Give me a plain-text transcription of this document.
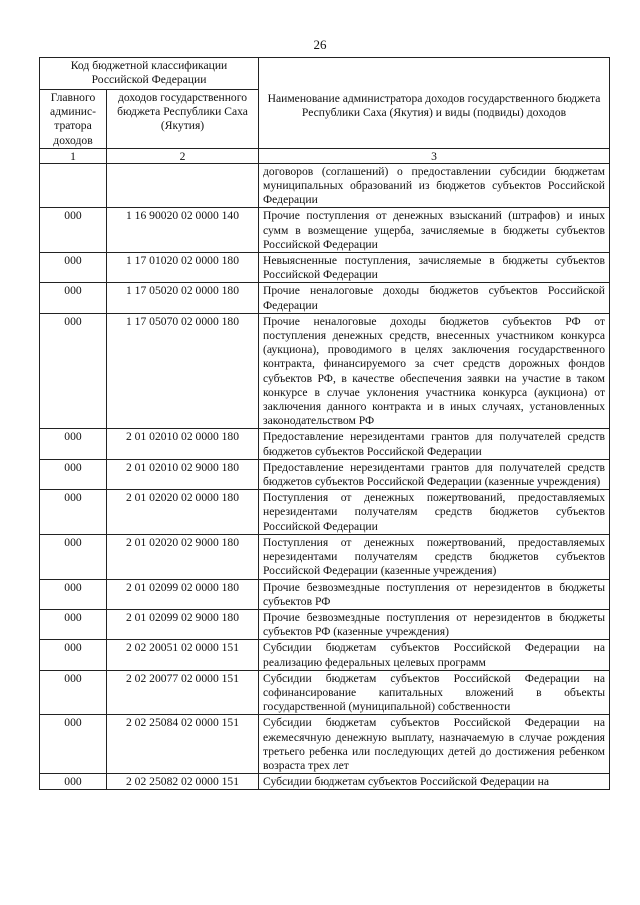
26
Код бюджетной классификации Российской Федерации		Наименование администратора доходов государственного бюджета Республики Саха (Якутия) и виды (подвиды) доходов
Главного админис-тратора доходов	доходов государственного бюджета Республики Саха (Якутия)	
1	2	3
		договоров (соглашений) о предоставлении субсидии бюджетам муниципальных образований из бюджетов субъектов Российской Федерации
000	1 16 90020 02 0000 140	Прочие поступления от денежных взысканий (штрафов) и иных сумм в возмещение ущерба, зачисляемые в бюджеты субъектов Российской Федерации
000	1 17 01020 02 0000 180	Невыясненные поступления, зачисляемые в бюджеты субъектов Российской Федерации
000	1 17 05020 02 0000 180	Прочие неналоговые доходы бюджетов субъектов Российской Федерации
000	1 17 05070 02 0000 180	Прочие неналоговые доходы бюджетов субъектов РФ от поступления денежных средств, внесенных участником конкурса (аукциона), проводимого в целях заключения государственного контракта, финансируемого за счет средств дорожных фондов субъектов РФ, в качестве обеспечения заявки на участие в таком конкурсе в случае уклонения участника конкурса (аукциона) от заключения данного контракта и в иных случаях, установленных законодательством РФ
000	2 01 02010 02 0000 180	Предоставление нерезидентами грантов для получателей средств бюджетов субъектов Российской Федерации
000	2 01 02010 02 9000 180	Предоставление нерезидентами грантов для получателей средств бюджетов субъектов Российской Федерации (казенные учреждения)
000	2 01 02020 02 0000 180	Поступления от денежных пожертвований, предоставляемых нерезидентами получателям средств бюджетов субъектов Российской Федерации
000	2 01 02020 02 9000 180	Поступления от денежных пожертвований, предоставляемых нерезидентами получателям средств бюджетов субъектов Российской Федерации (казенные учреждения)
000	2 01 02099 02 0000 180	Прочие безвозмездные поступления от нерезидентов в бюджеты субъектов РФ
000	2 01 02099 02 9000 180	Прочие безвозмездные поступления от нерезидентов в бюджеты субъектов РФ (казенные учреждения)
000	2 02 20051 02 0000 151	Субсидии бюджетам субъектов Российской Федерации на реализацию федеральных целевых программ
000	2 02 20077 02 0000 151	Субсидии бюджетам субъектов Российской Федерации на софинансирование капитальных вложений в объекты государственной (муниципальной) собственности
000	2 02 25084 02 0000 151	Субсидии бюджетам субъектов Российской Федерации на ежемесячную денежную выплату, назначаемую в случае рождения третьего ребенка или последующих детей до достижения ребенком возраста трех лет
000	2 02 25082 02 0000 151	Субсидии бюджетам субъектов Российской Федерации на
